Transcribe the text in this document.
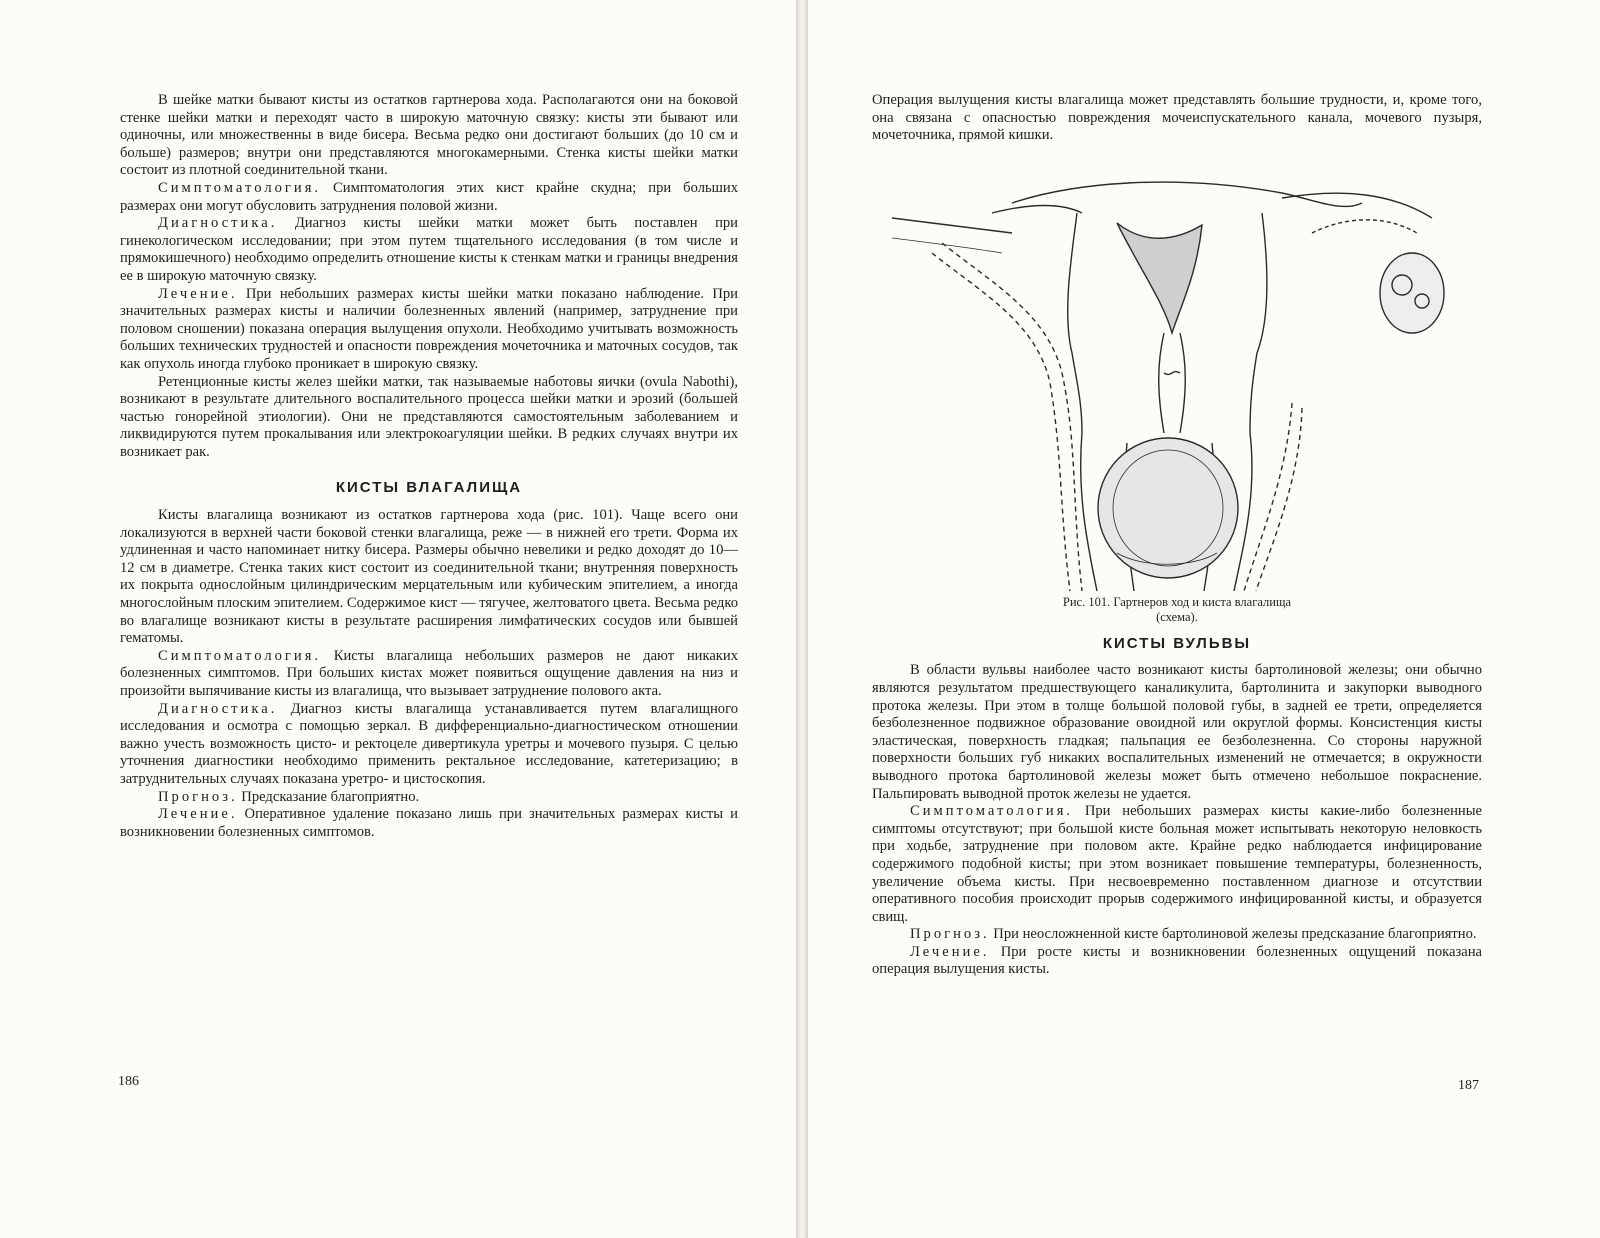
В шейке матки бывают кисты из остатков гартнерова хода. Располагаются они на боковой стенке шейки матки и переходят часто в широкую маточную связку: кисты эти бывают или одиночны, или множественны в виде бисера. Весьма редко они достигают больших (до 10 см и больше) размеров; внутри они представляются многокамерными. Стенка кисты шейки матки состоит из плотной соединительной ткани.

Симптоматология. Симптоматология этих кист крайне скудна; при больших размерах они могут обусловить затруднения половой жизни.

Диагностика. Диагноз кисты шейки матки может быть поставлен при гинекологическом исследовании; при этом путем тщательного исследования (в том числе и прямокишечного) необходимо определить отношение кисты к стенкам матки и границы внедрения ее в широкую маточную связку.

Лечение. При небольших размерах кисты шейки матки показано наблюдение. При значительных размерах кисты и наличии болезненных явлений (например, затруднение при половом сношении) показана операция вылущения опухоли. Необходимо учитывать возможность больших технических трудностей и опасности повреждения мочеточника и маточных сосудов, так как опухоль иногда глубоко проникает в широкую связку.

Ретенционные кисты желез шейки матки, так называемые наботовы яички (ovula Nabothi), возникают в результате длительного воспалительного процесса шейки матки и эрозий (большей частью гонорейной этиологии). Они не представляются самостоятельным заболеванием и ликвидируются путем прокалывания или электрокоагуляции шейки. В редких случаях внутри их возникает рак.

КИСТЫ ВЛАГАЛИЩА

Кисты влагалища возникают из остатков гартнерова хода (рис. 101). Чаще всего они локализуются в верхней части боковой стенки влагалища, реже — в нижней его трети. Форма их удлиненная и часто напоминает нитку бисера. Размеры обычно невелики и редко доходят до 10—12 см в диаметре. Стенка таких кист состоит из соединительной ткани; внутренняя поверхность их покрыта однослойным цилиндрическим мерцательным или кубическим эпителием, а иногда многослойным плоским эпителием. Содержимое кист — тягучее, желтоватого цвета. Весьма редко во влагалище возникают кисты в результате расширения лимфатических сосудов или бывшей гематомы.

Симптоматология. Кисты влагалища небольших размеров не дают никаких болезненных симптомов. При больших кистах может появиться ощущение давления на низ и произойти выпячивание кисты из влагалища, что вызывает затруднение полового акта.

Диагностика. Диагноз кисты влагалища устанавливается путем влагалищного исследования и осмотра с помощью зеркал. В дифференциально-диагностическом отношении важно учесть возможность цисто- и ректоцеле дивертикула уретры и мочевого пузыря. С целью уточнения диагностики необходимо применить ректальное исследование, катетеризацию; в затруднительных случаях показана уретро- и цистоскопия.

Прогноз. Предсказание благоприятно.

Лечение. Оперативное удаление показано лишь при значительных размерах кисты и возникновении болезненных симптомов.

186

Операция вылущения кисты влагалища может представлять большие трудности, и, кроме того, она связана с опасностью повреждения мочеиспускательного канала, мочевого пузыря, мочеточника, прямой кишки.

Рис. 101. Гартнеров ход и киста влагалища
(схема).
КИСТЫ ВУЛЬВЫ

В области вульвы наиболее часто возникают кисты бартолиновой железы; они обычно являются результатом предшествующего каналикулита, бартолинита и закупорки выводного протока железы. При этом в толще большой половой губы, в задней ее трети, определяется безболезненное подвижное образование овоидной или округлой формы. Консистенция кисты эластическая, поверхность гладкая; пальпация ее безболезненна. Со стороны наружной поверхности больших губ никаких воспалительных изменений не отмечается; в окружности выводного протока бартолиновой железы может быть отмечено небольшое покраснение. Пальпировать выводной проток железы не удается.

Симптоматология. При небольших размерах кисты какие-либо болезненные симптомы отсутствуют; при большой кисте больная может испытывать некоторую неловкость при ходьбе, затруднение при половом акте. Крайне редко наблюдается инфицирование содержимого подобной кисты; при этом возникает повышение температуры, болезненность, увеличение объема кисты. При несвоевременно поставленном диагнозе и отсутствии оперативного пособия происходит прорыв содержимого инфицированной кисты, и образуется свищ.

Прогноз. При неосложненной кисте бартолиновой железы предсказание благоприятно.

Лечение. При росте кисты и возникновении болезненных ощущений показана операция вылущения кисты.

187
